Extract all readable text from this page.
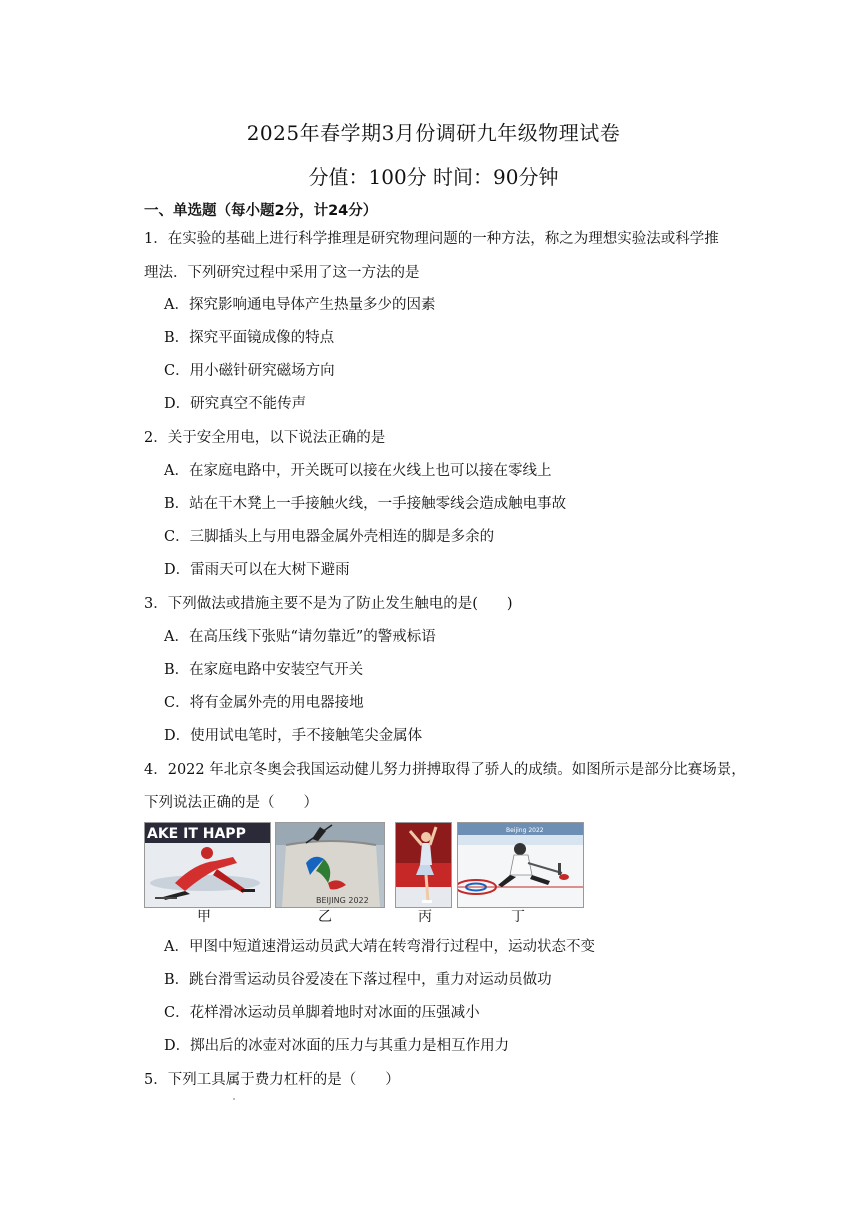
2025年春学期3月份调研九年级物理试卷
分值：100分 时间：90分钟
一、单选题（每小题2分，计24分）
1．在实验的基础上进行科学推理是研究物理问题的一种方法，称之为理想实验法或科学推
理法．下列研究过程中采用了这一方法的是
A．探究影响通电导体产生热量多少的因素
B．探究平面镜成像的特点
C．用小磁针研究磁场方向
D．研究真空不能传声
2．关于安全用电，以下说法正确的是
A．在家庭电路中，开关既可以接在火线上也可以接在零线上
B．站在干木凳上一手接触火线，一手接触零线会造成触电事故
C．三脚插头上与用电器金属外壳相连的脚是多余的
D．雷雨天可以在大树下避雨
3．下列做法或措施主要不是为了防止发生触电的是(　　)
A．在高压线下张贴“请勿靠近”的警戒标语
B．在家庭电路中安装空气开关
C．将有金属外壳的用电器接地
D．使用试电笔时，手不接触笔尖金属体
4．2022 年北京冬奥会我国运动健儿努力拼搏取得了骄人的成绩。如图所示是部分比赛场景，
下列说法正确的是（　　）
AKE IT HAPP
BEIJING 2022
Beijing 2022
甲	乙	丙	丁
A．甲图中短道速滑运动员武大靖在转弯滑行过程中，运动状态不变
B．跳台滑雪运动员谷爱凌在下落过程中，重力对运动员做功
C．花样滑冰运动员单脚着地时对冰面的压强减小
D．掷出后的冰壶对冰面的压力与其重力是相互作用力
5．下列工具属于费力杠杆的是（　　）
